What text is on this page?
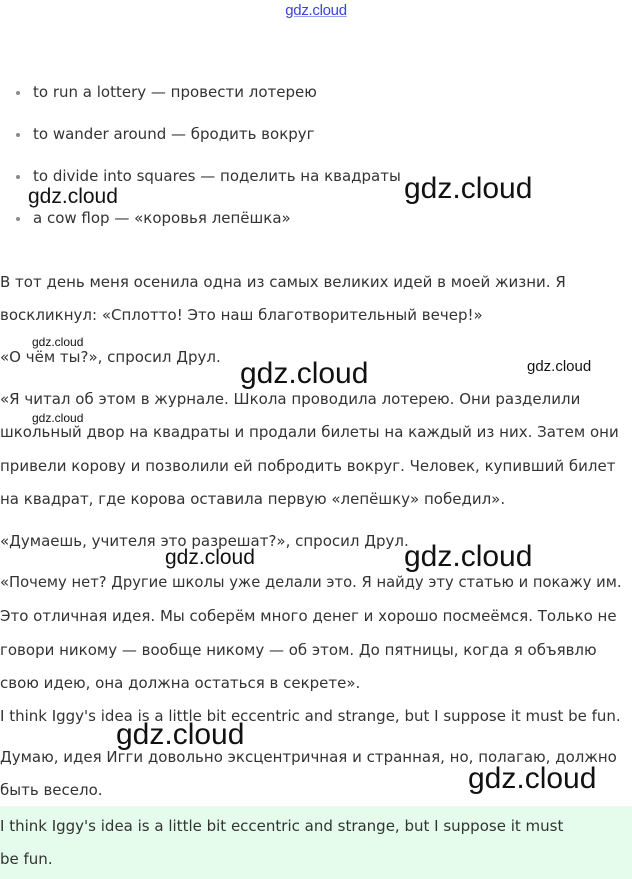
gdz.cloud
to run a lottery — провести лотерею
to wander around — бродить вокруг
to divide into squares — поделить на квадраты
a cow flop — «коровья лепёшка»
В тот день меня осенила одна из самых великих идей в моей жизни. Я
воскликнул: «Сплотто! Это наш благотворительный вечер!»
«О чём ты?», спросил Друл.
«Я читал об этом в журнале. Школа проводила лотерею. Они разделили
школьный двор на квадраты и продали билеты на каждый из них. Затем они
привели корову и позволили ей побродить вокруг. Человек, купивший билет
на квадрат, где корова оставила первую «лепёшку» победил».
«Думаешь, учителя это разрешат?», спросил Друл.
«Почему нет? Другие школы уже делали это. Я найду эту статью и покажу им.
Это отличная идея. Мы соберём много денег и хорошо посмеёмся. Только не
говори никому — вообще никому — об этом. До пятницы, когда я объявлю
свою идею, она должна остаться в секрете».
I think Iggy's idea is a little bit eccentric and strange, but I suppose it must be fun.
Думаю, идея Игги довольно эксцентричная и странная, но, полагаю, должно
быть весело.
I think Iggy's idea is a little bit eccentric and strange, but I suppose it must
be fun.
gdz.cloud	gdz.cloud
gdz.cloud
gdz.cloud	gdz.cloud
gdz.cloud
gdz.cloud	gdz.cloud
gdz.cloud
gdz.cloud
